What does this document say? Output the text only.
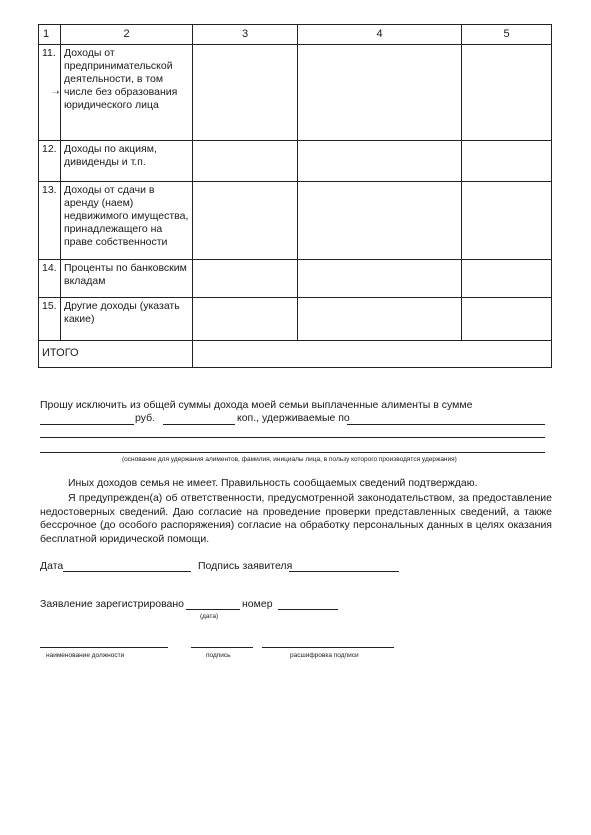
1	2	3	4	5
11.	Доходы от предпринимательской деятельности, в том числе без образования юридического лица			
12.	Доходы по акциям, дивиденды и т.п.			
13.	Доходы от сдачи в аренду (наем) недвижимого имущества, принадлежащего на праве собственности			
14.	Проценты по банковским вкладам			
15.	Другие доходы (указать какие)			
ИТОГО				
➝
Прошу исключить из общей суммы дохода моей семьи выплаченные алименты в сумме
руб.	коп., удерживаемые по
(основание для удержания алиментов, фамилия, инициалы лица, в пользу которого производятся удержания)
Иных доходов семья не имеет. Правильность сообщаемых сведений подтверждаю.
Я предупрежден(а) об ответственности, предусмотренной законодательством, за предоставление недостоверных сведений. Даю согласие на проведение проверки представленных сведений, а также бессрочное (до особого распоряжения) согласие на обработку персональных данных в целях оказания бесплатной юридической помощи.
Дата	Подпись заявителя
Заявление зарегистрировано	номер
(дата)
наименование должности	подпись	расшифровка подписи
